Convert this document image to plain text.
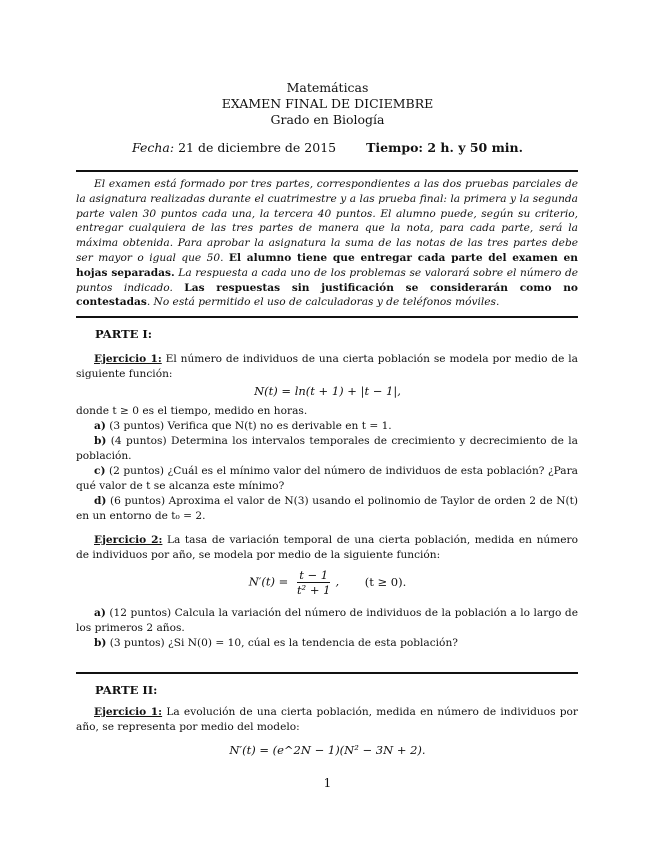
Matemáticas
EXAMEN FINAL DE DICIEMBRE
Grado en Biología
Fecha: 21 de diciembre de 2015 Tiempo: 2 h. y 50 min.
El examen está formado por tres partes, correspondientes a las dos pruebas parciales de la asignatura realizadas durante el cuatrimestre y a las prueba final: la primera y la segunda parte valen 30 puntos cada una, la tercera 40 puntos. El alumno puede, según su criterio, entregar cualquiera de las tres partes de manera que la nota, para cada parte, será la máxima obtenida. Para aprobar la asignatura la suma de las notas de las tres partes debe ser mayor o igual que 50. El alumno tiene que entregar cada parte del examen en hojas separadas. La respuesta a cada uno de los problemas se valorará sobre el número de puntos indicado. Las respuestas sin justificación se considerarán como no contestadas. No está permitido el uso de calculadoras y de teléfonos móviles.
PARTE I:
Ejercicio 1: El número de individuos de una cierta población se modela por medio de la siguiente función:
N(t) = ln(t + 1) + |t − 1|,
donde t ≥ 0 es el tiempo, medido en horas.
a) (3 puntos) Verifica que N(t) no es derivable en t = 1.
b) (4 puntos) Determina los intervalos temporales de crecimiento y decrecimiento de la población.
c) (2 puntos) ¿Cuál es el mínimo valor del número de individuos de esta población? ¿Para qué valor de t se alcanza este mínimo?
d) (6 puntos) Aproxima el valor de N(3) usando el polinomio de Taylor de orden 2 de N(t) en un entorno de t₀ = 2.
Ejercicio 2: La tasa de variación temporal de una cierta población, medida en número de individuos por año, se modela por medio de la siguiente función:
$N'(t) = \frac{t - 1}{\text{t² + 1}}$ , (t ≥ 0).
a) (12 puntos) Calcula la variación del número de individuos de la población a lo largo de los primeros 2 años.
b) (3 puntos) ¿Si N(0) = 10, cúal es la tendencia de esta población?
PARTE II:
Ejercicio 1: La evolución de una cierta población, medida en número de individuos por año, se representa por medio del modelo:
N′(t) = (e^2N − 1)(N² − 3N + 2).
1
